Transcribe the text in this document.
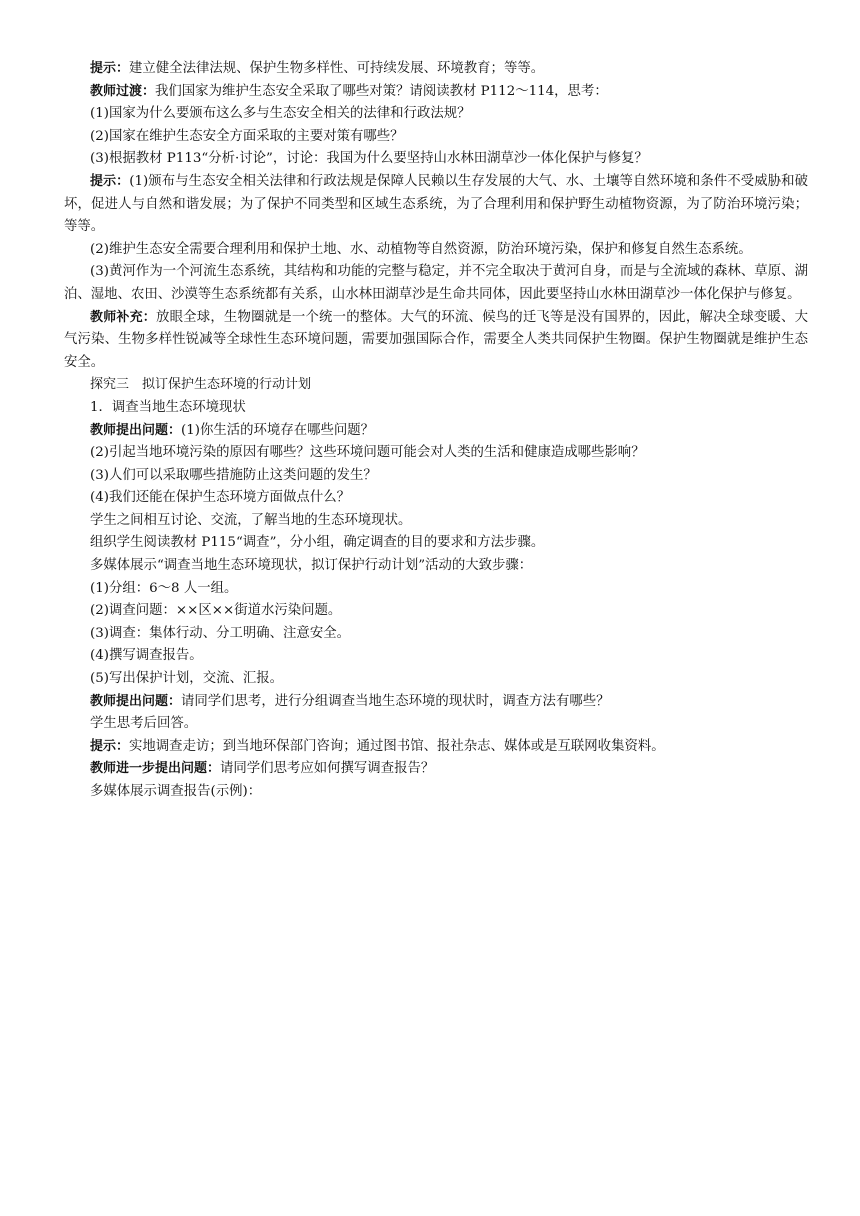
提示：建立健全法律法规、保护生物多样性、可持续发展、环境教育；等等。

教师过渡：我们国家为维护生态安全采取了哪些对策？请阅读教材 P112～114，思考：

(1)国家为什么要颁布这么多与生态安全相关的法律和行政法规？

(2)国家在维护生态安全方面采取的主要对策有哪些？

(3)根据教材 P113“分析·讨论”，讨论：我国为什么要坚持山水林田湖草沙一体化保护与修复？

提示：(1)颁布与生态安全相关法律和行政法规是保障人民赖以生存发展的大气、水、土壤等自然环境和条件不受威胁和破坏，促进人与自然和谐发展；为了保护不同类型和区域生态系统，为了合理利用和保护野生动植物资源，为了防治环境污染；等等。

(2)维护生态安全需要合理利用和保护土地、水、动植物等自然资源，防治环境污染，保护和修复自然生态系统。

(3)黄河作为一个河流生态系统，其结构和功能的完整与稳定，并不完全取决于黄河自身，而是与全流域的森林、草原、湖泊、湿地、农田、沙漠等生态系统都有关系，山水林田湖草沙是生命共同体，因此要坚持山水林田湖草沙一体化保护与修复。

教师补充：放眼全球，生物圈就是一个统一的整体。大气的环流、候鸟的迁飞等是没有国界的，因此，解决全球变暖、大气污染、生物多样性锐减等全球性生态环境问题，需要加强国际合作，需要全人类共同保护生物圈。保护生物圈就是维护生态安全。

探究三　拟订保护生态环境的行动计划

1．调查当地生态环境现状

教师提出问题：(1)你生活的环境存在哪些问题？

(2)引起当地环境污染的原因有哪些？这些环境问题可能会对人类的生活和健康造成哪些影响？

(3)人们可以采取哪些措施防止这类问题的发生？

(4)我们还能在保护生态环境方面做点什么？

学生之间相互讨论、交流，了解当地的生态环境现状。

组织学生阅读教材 P115“调查”，分小组，确定调查的目的要求和方法步骤。

多媒体展示“调查当地生态环境现状，拟订保护行动计划”活动的大致步骤：

(1)分组：6～8 人一组。

(2)调查问题：××区××街道水污染问题。

(3)调查：集体行动、分工明确、注意安全。

(4)撰写调查报告。

(5)写出保护计划，交流、汇报。

教师提出问题：请同学们思考，进行分组调查当地生态环境的现状时，调查方法有哪些？

学生思考后回答。

提示：实地调查走访；到当地环保部门咨询；通过图书馆、报社杂志、媒体或是互联网收集资料。

教师进一步提出问题：请同学们思考应如何撰写调查报告？

多媒体展示调查报告(示例)：
